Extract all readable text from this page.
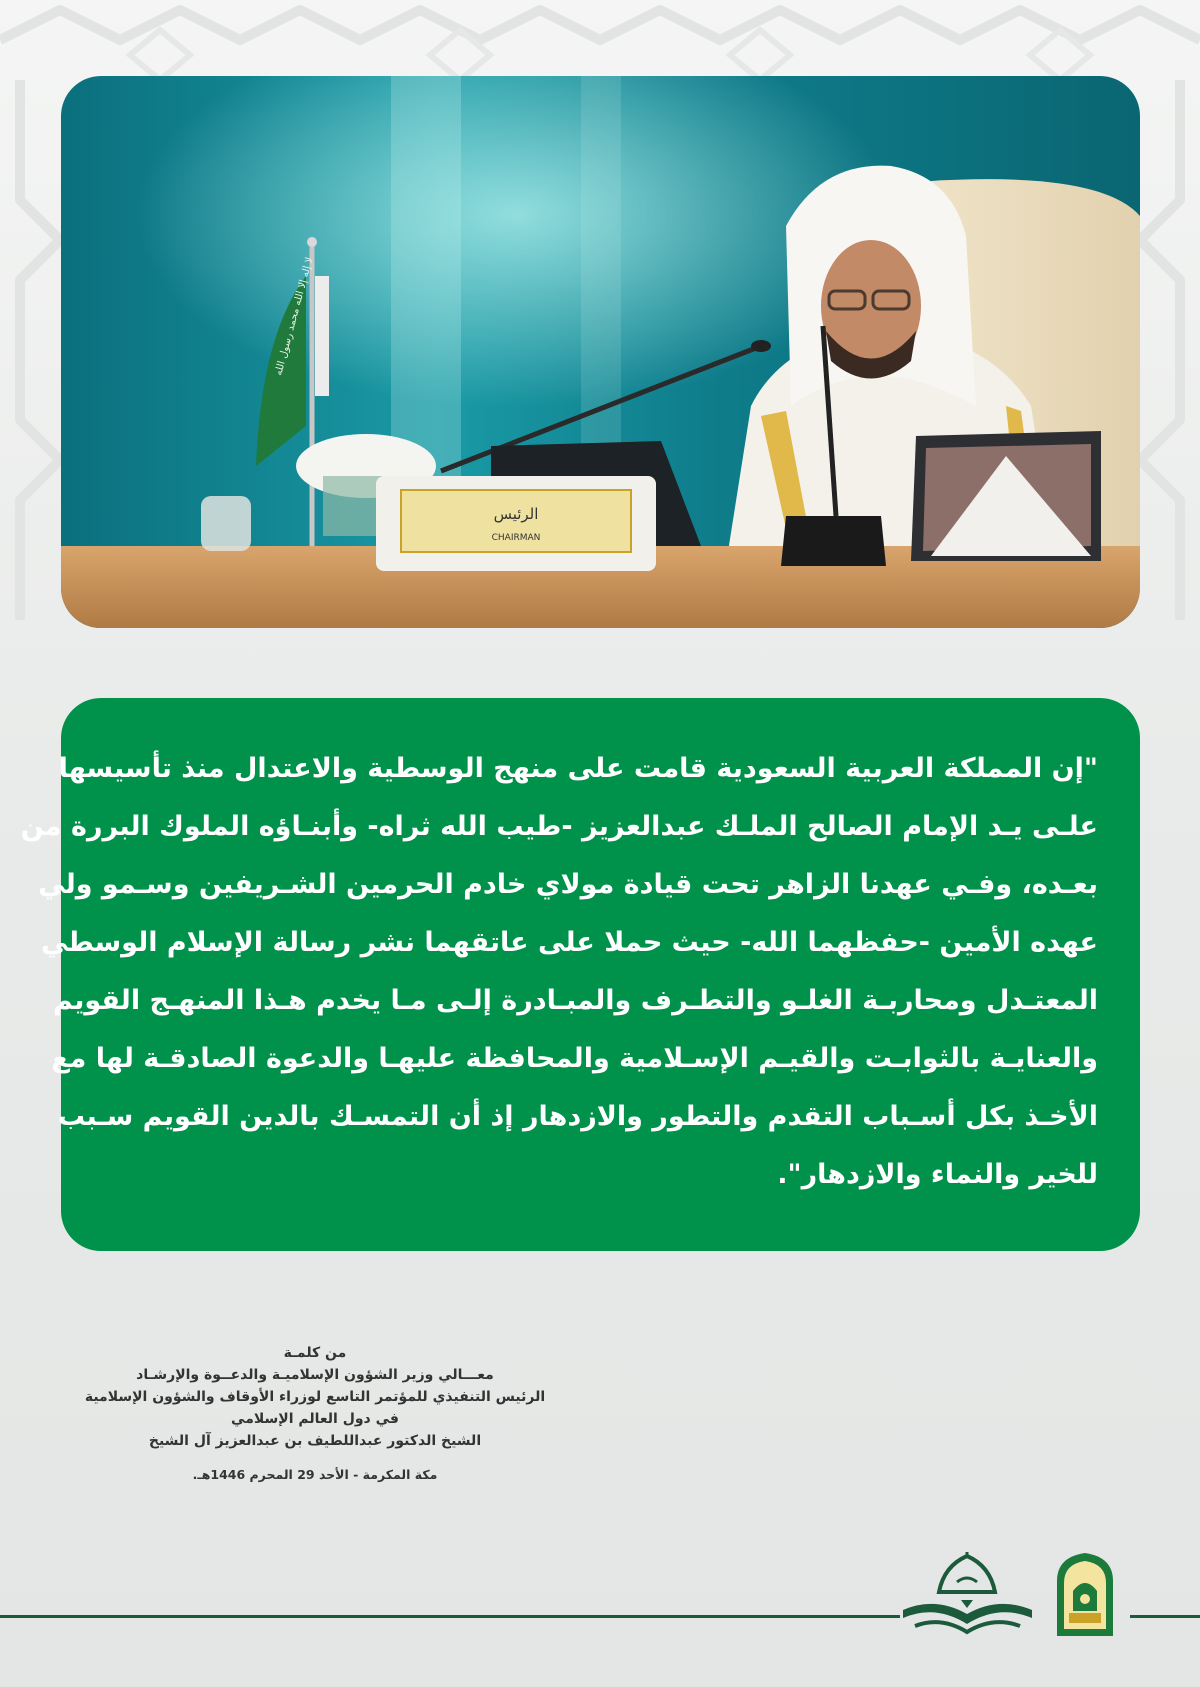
لا إله إلا الله محمد رسول الله
الرئيس
CHAIRMAN
"إن المملكة العربية السعودية قامت على منهج الوسطية والاعتدال منذ تأسيسها
علـى يـد الإمام الصالح الملـك عبدالعزيز -طيب الله ثراه- وأبنـاؤه الملوك البررة من
بعـده، وفـي عهدنا الزاهر تحت قيادة مولاي خادم الحرمين الشـريفين وسـمو ولي
عهده الأمين -حفظهما الله- حيث حملا على عاتقهما نشر رسالة الإسلام الوسطي
المعتـدل ومحاربـة الغلـو والتطـرف والمبـادرة إلـى مـا يخدم هـذا المنهـج القويم
والعنايـة بالثوابـت والقيـم الإسـلامية والمحافظة عليهـا والدعوة الصادقـة لها مع
الأخـذ بكل أسـباب التقدم والتطور والازدهار إذ أن التمسـك بالدين القويم سـبب
للخير والنماء والازدهار".
من كلمـة
معـــالي وزير الشؤون الإسلاميـة والدعــوة والإرشـاد
الرئيس التنفيذي للمؤتمر التاسع لوزراء الأوقاف والشؤون الإسلامية
في دول العالم الإسلامي
الشيخ الدكتور عبداللطيف بن عبدالعزيز آل الشيخ
مكة المكرمة - الأحد 29 المحرم 1446هـ.
